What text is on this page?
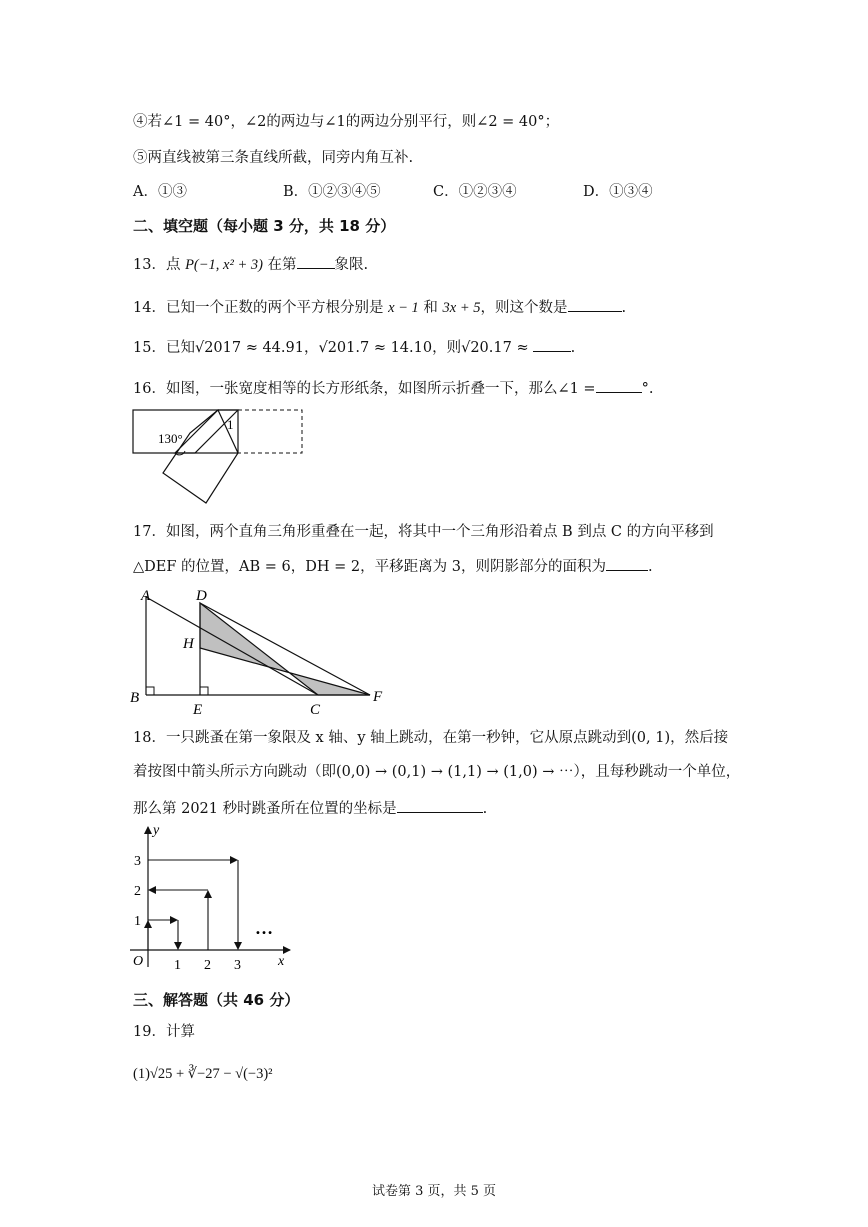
④若∠1 = 40°，∠2的两边与∠1的两边分别平行，则∠2 = 40°；
⑤两直线被第三条直线所截，同旁内角互补.
A．①③	B．①②③④⑤	C．①②③④	D．①③④
二、填空题（每小题 3 分，共 18 分）
13．点 P(−1, x² + 3) 在第	象限.
14．已知一个正数的两个平方根分别是 x − 1 和 3x + 5，则这个数是	.
15．已知√2017 ≈ 44.91，√201.7 ≈ 14.10，则√20.17 ≈	.
16．如图，一张宽度相等的长方形纸条，如图所示折叠一下，那么∠1 =	°.
130°
1
17．如图，两个直角三角形重叠在一起，将其中一个三角形沿着点 B 到点 C 的方向平移到
△DEF 的位置，AB = 6，DH = 2，平移距离为 3，则阴影部分的面积为	.
A	D
H
B
E	C
F
18．一只跳蚤在第一象限及 x 轴、y 轴上跳动，在第一秒钟，它从原点跳动到(0, 1)，然后接
着按图中箭头所示方向跳动（即(0,0) → (0,1) → (1,1) → (1,0) → ⋯），且每秒跳动一个单位，
那么第 2021 秒时跳蚤所在位置的坐标是	.
y
x
O 1 2 3
1
2
3
…
三、解答题（共 46 分）
19．计算
(1)√25 + ∛−27 − √(−3)²
试卷第 3 页，共 5 页
